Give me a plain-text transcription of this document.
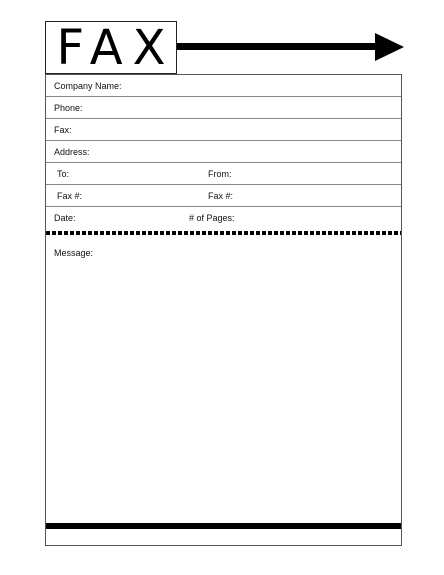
FAX
Company Name:
Phone:
Fax:
Address:
To:	From:
Fax #:	Fax #:
Date:	# of Pages:
Message:
